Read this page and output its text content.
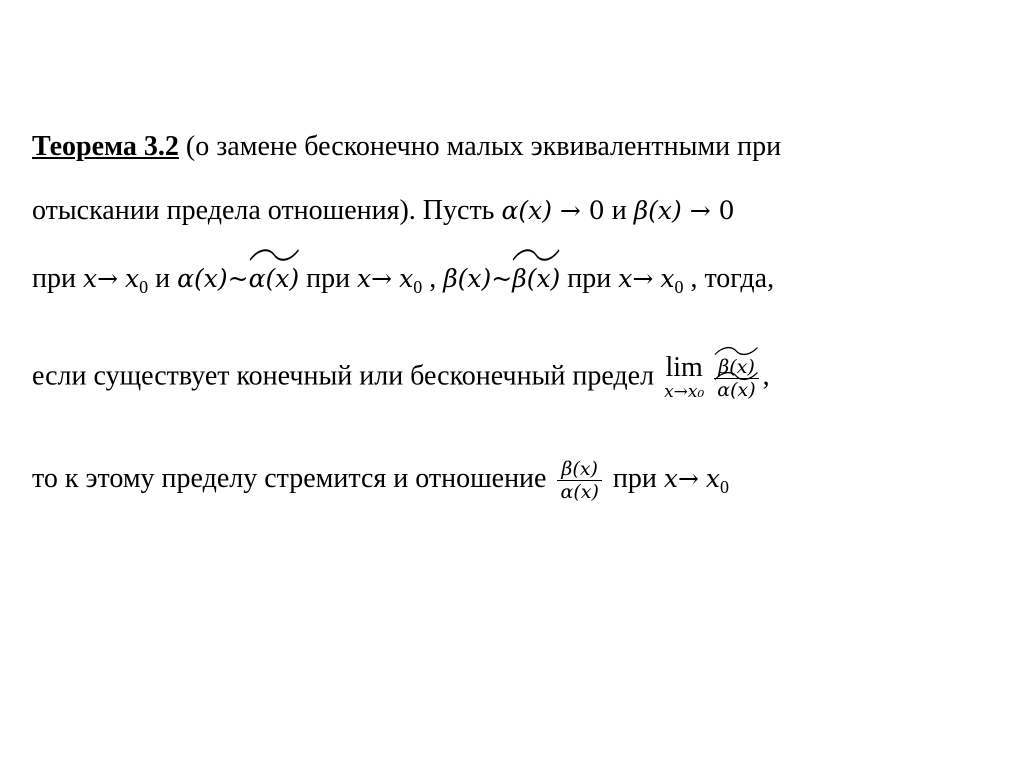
Теорема 3.2 (о замене бесконечно малых эквивалентными при
отыскании предела отношения). Пусть α(x) → 0 и β(x) → 0
при $x\to x_0$ и α(x)~
α(x) при $x\to x_0$ , β(x)~
β(x) при $x\to x_0$ , тогда,
если существует конечный или бесконечный предел lim
$x\to x_0 \frac{\beta(x)}{\alpha(x)}$ ,
то к этому пределу стремится и отношение $\frac{\beta(x)}{\alpha(x)}$ при $x\to x_0$
